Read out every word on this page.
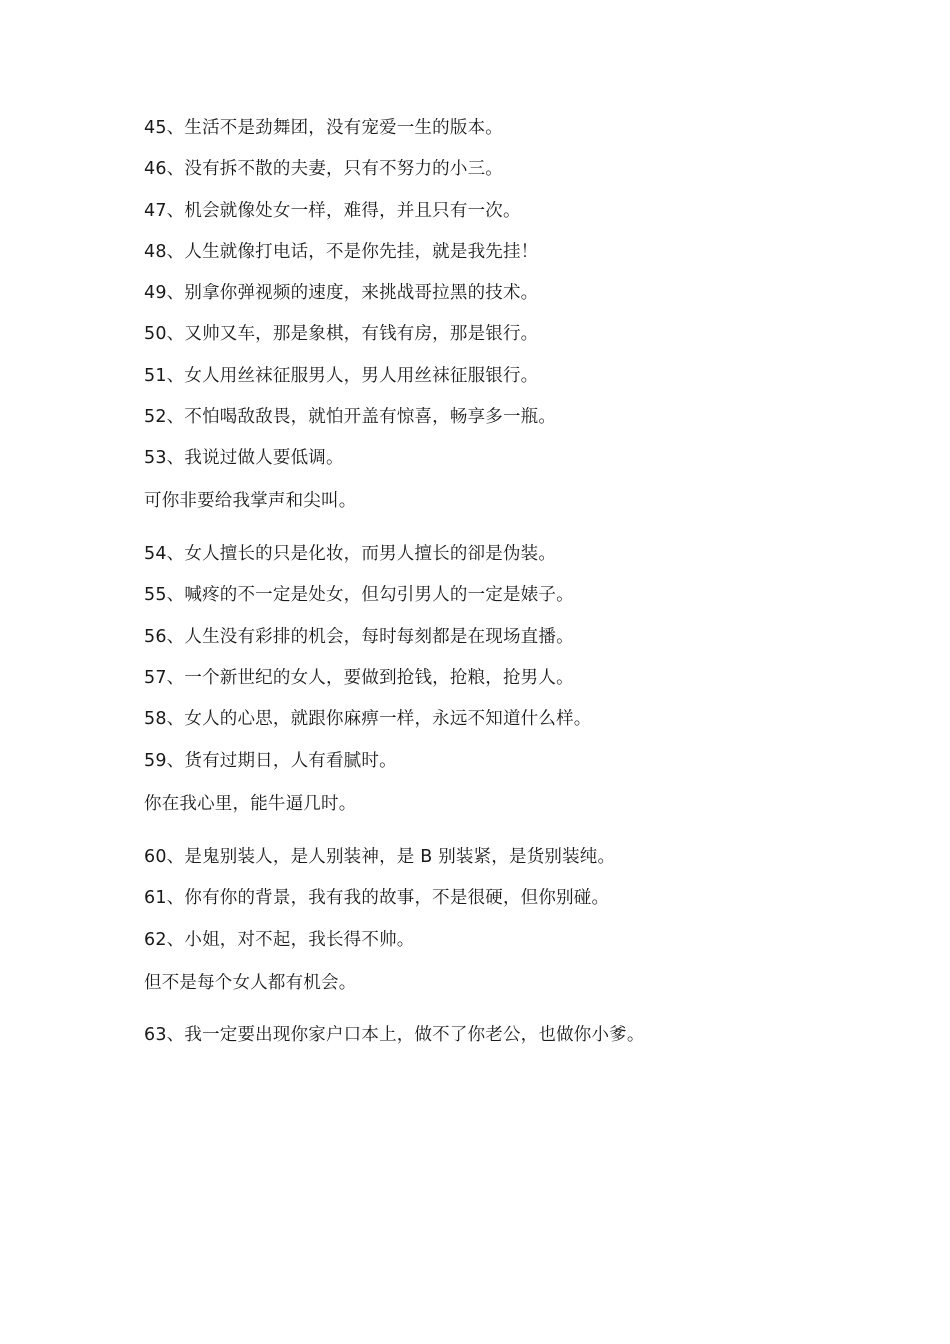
45、生活不是劲舞团，没有宠爱一生的版本。
46、没有拆不散的夫妻，只有不努力的小三。
47、机会就像处女一样，难得，并且只有一次。
48、人生就像打电话，不是你先挂，就是我先挂！
49、别拿你弹视频的速度，来挑战哥拉黑的技术。
50、又帅又车，那是象棋，有钱有房，那是银行。
51、女人用丝袜征服男人，男人用丝袜征服银行。
52、不怕喝敌敌畏，就怕开盖有惊喜，畅享多一瓶。
53、我说过做人要低调。
可你非要给我掌声和尖叫。
54、女人擅长的只是化妆，而男人擅长的卻是伪装。
55、喊疼的不一定是处女，但勾引男人的一定是婊子。
56、人生没有彩排的机会，每时每刻都是在现场直播。
57、一个新世纪的女人，要做到抢钱，抢粮，抢男人。
58、女人的心思，就跟你麻痹一样，永远不知道什么样。
59、货有过期日，人有看腻时。
你在我心里，能牛逼几时。
60、是鬼别装人，是人别装神，是 B 别装紧，是货别装纯。
61、你有你的背景，我有我的故事，不是很硬，但你别碰。
62、小姐，对不起，我长得不帅。
但不是每个女人都有机会。
63、我一定要出现你家户口本上，做不了你老公，也做你小爹。
